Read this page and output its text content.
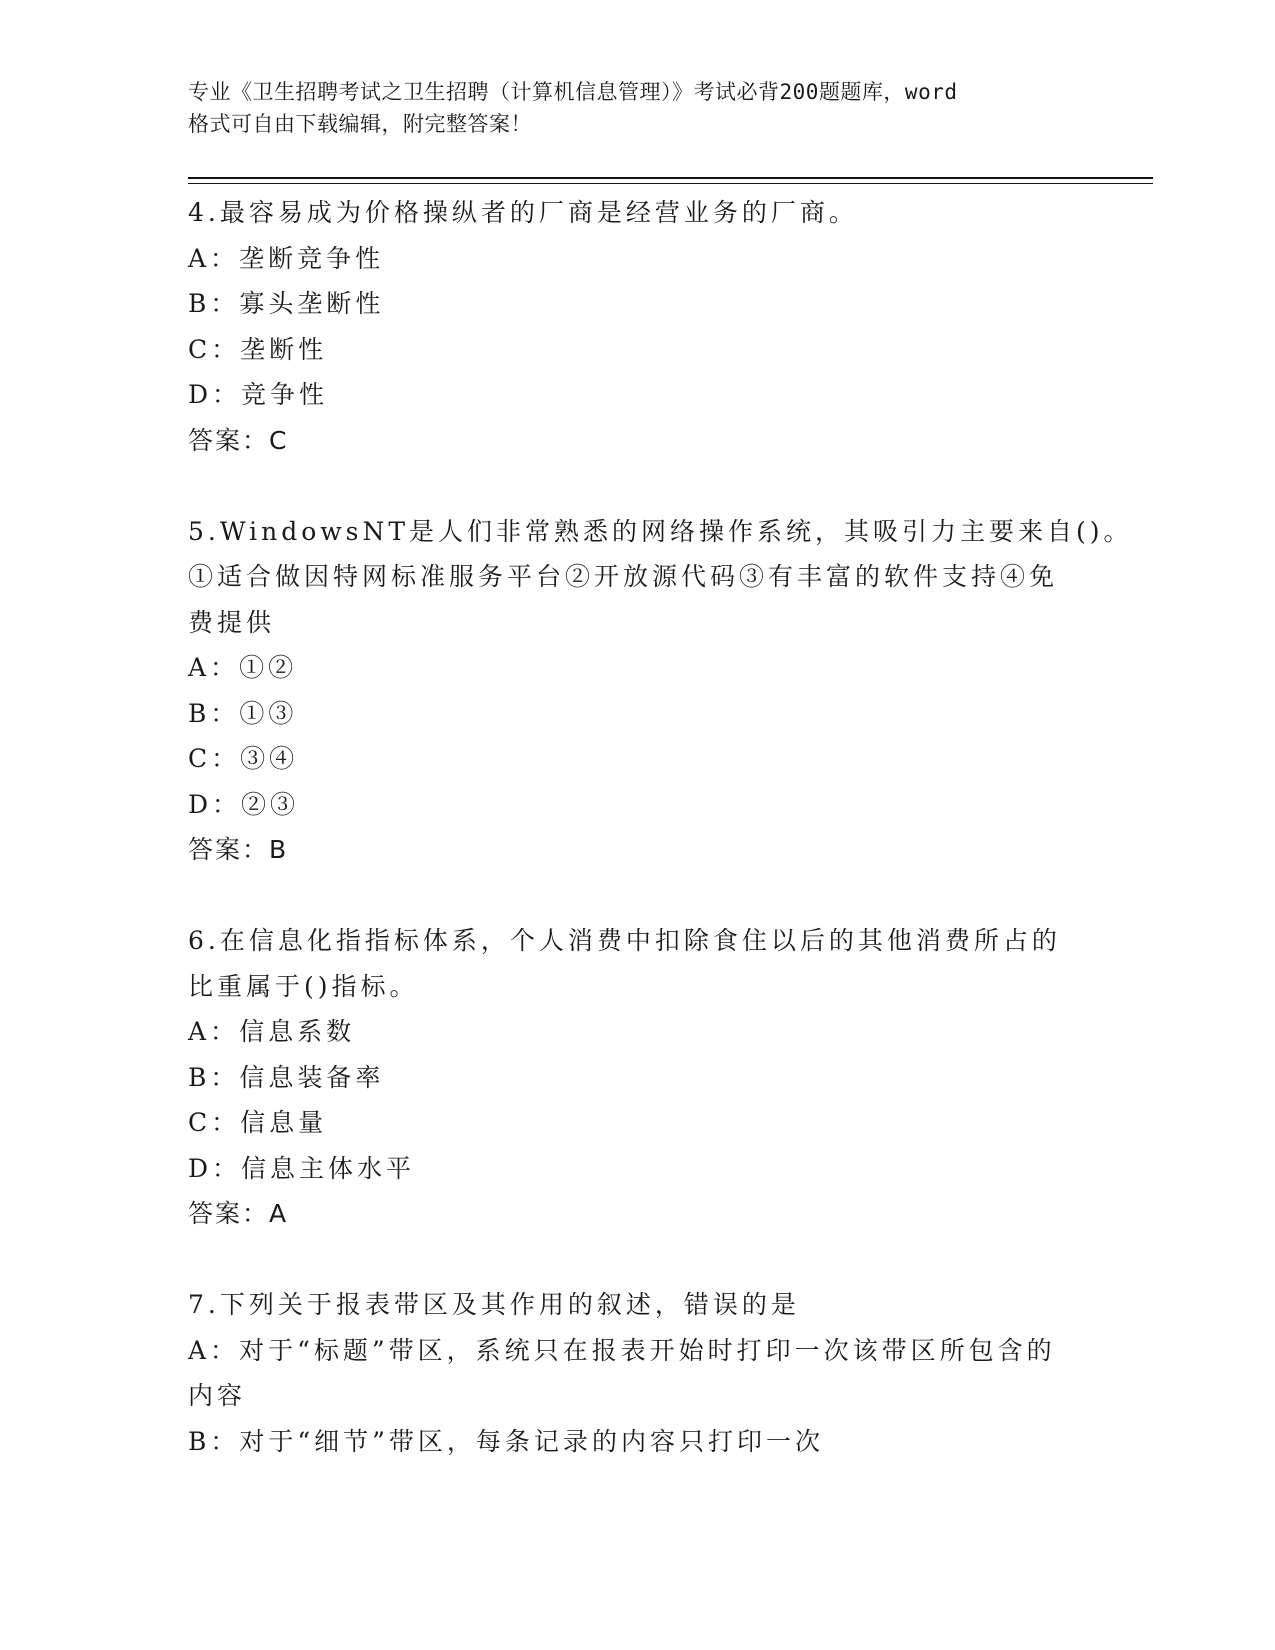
专业《卫生招聘考试之卫生招聘（计算机信息管理）》考试必背200题题库，word
格式可自由下载编辑，附完整答案！
4.最容易成为价格操纵者的厂商是经营业务的厂商。
A：垄断竞争性
B：寡头垄断性
C：垄断性
D：竞争性
答案：C
5.WindowsNT是人们非常熟悉的网络操作系统，其吸引力主要来自()。
①适合做因特网标准服务平台②开放源代码③有丰富的软件支持④免
费提供
A：①②
B：①③
C：③④
D：②③
答案：B
6.在信息化指指标体系，个人消费中扣除食住以后的其他消费所占的
比重属于()指标。
A：信息系数
B：信息装备率
C：信息量
D：信息主体水平
答案：A
7.下列关于报表带区及其作用的叙述，错误的是
A：对于“标题”带区，系统只在报表开始时打印一次该带区所包含的
内容
B：对于“细节”带区，每条记录的内容只打印一次
